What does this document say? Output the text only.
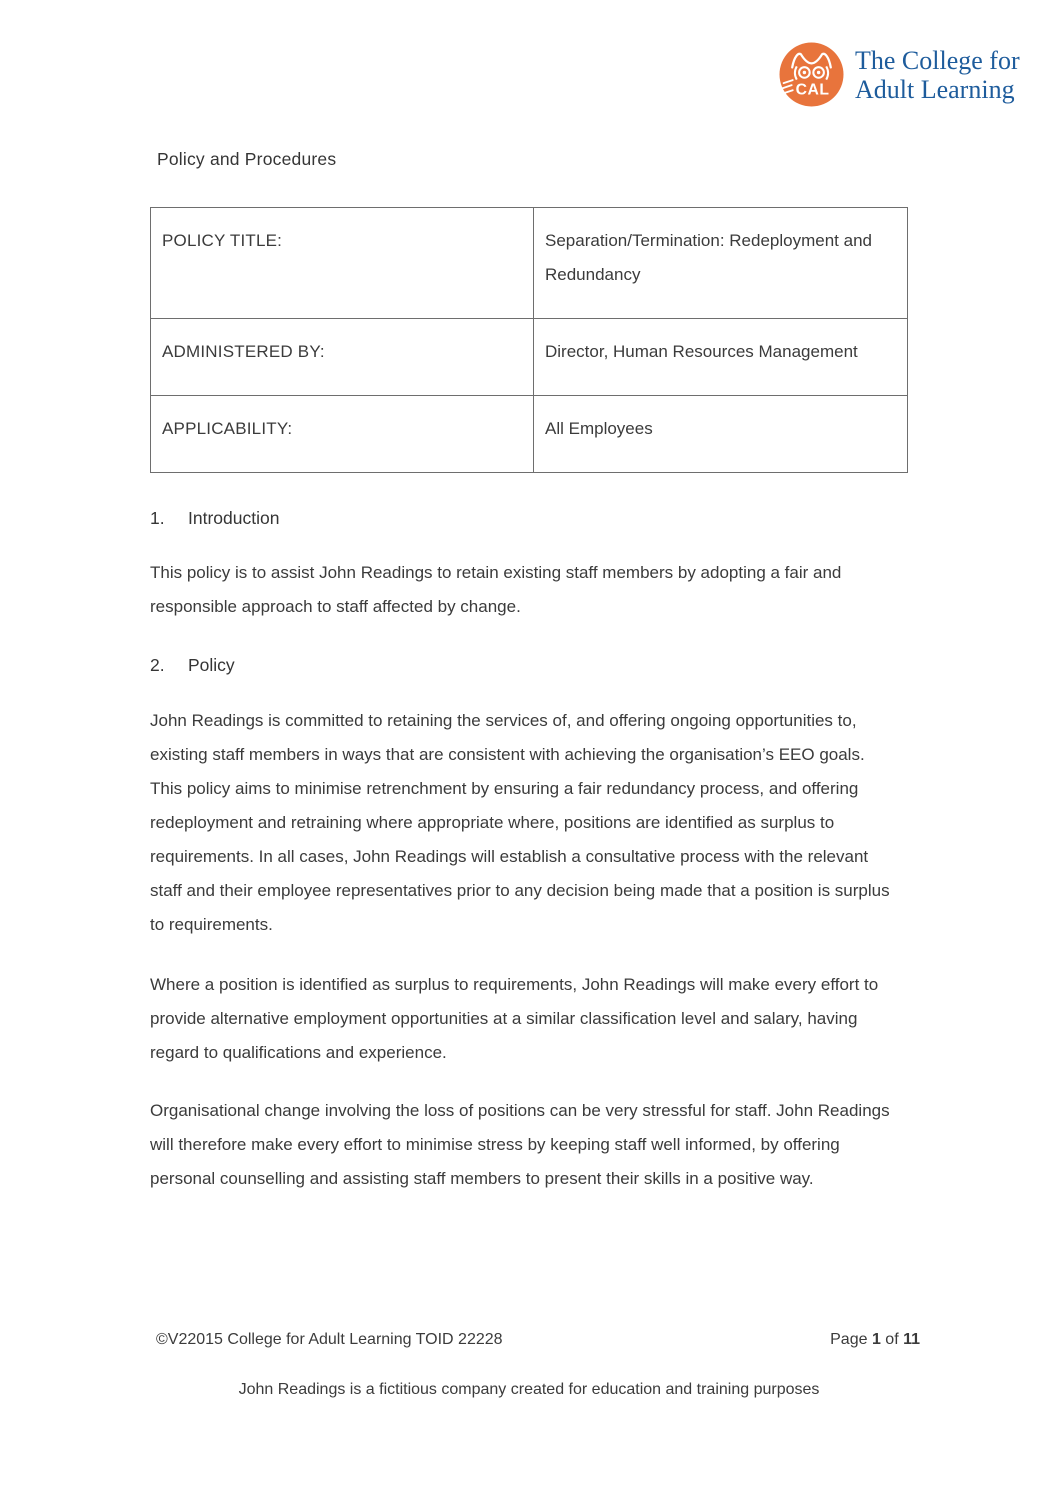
CAL
The College for
Adult Learning
Policy and Procedures
POLICY TITLE:	Separation/Termination: Redeployment and Redundancy
ADMINISTERED BY:	Director, Human Resources Management
APPLICABILITY:	All Employees
1. Introduction

This policy is to assist John Readings to retain existing staff members by adopting a fair and responsible approach to staff affected by change.

2. Policy

John Readings is committed to retaining the services of, and offering ongoing opportunities to, existing staff members in ways that are consistent with achieving the organisation’s EEO goals. This policy aims to minimise retrenchment by ensuring a fair redundancy process, and offering redeployment and retraining where appropriate where, positions are identified as surplus to requirements. In all cases, John Readings will establish a consultative process with the relevant staff and their employee representatives prior to any decision being made that a position is surplus to requirements.

Where a position is identified as surplus to requirements, John Readings will make every effort to provide alternative employment opportunities at a similar classification level and salary, having regard to qualifications and experience.

Organisational change involving the loss of positions can be very stressful for staff. John Readings will therefore make every effort to minimise stress by keeping staff well informed, by offering personal counselling and assisting staff members to present their skills in a positive way.

©V22015 College for Adult Learning TOID 22228	Page 1 of 11
John Readings is a fictitious company created for education and training purposes
